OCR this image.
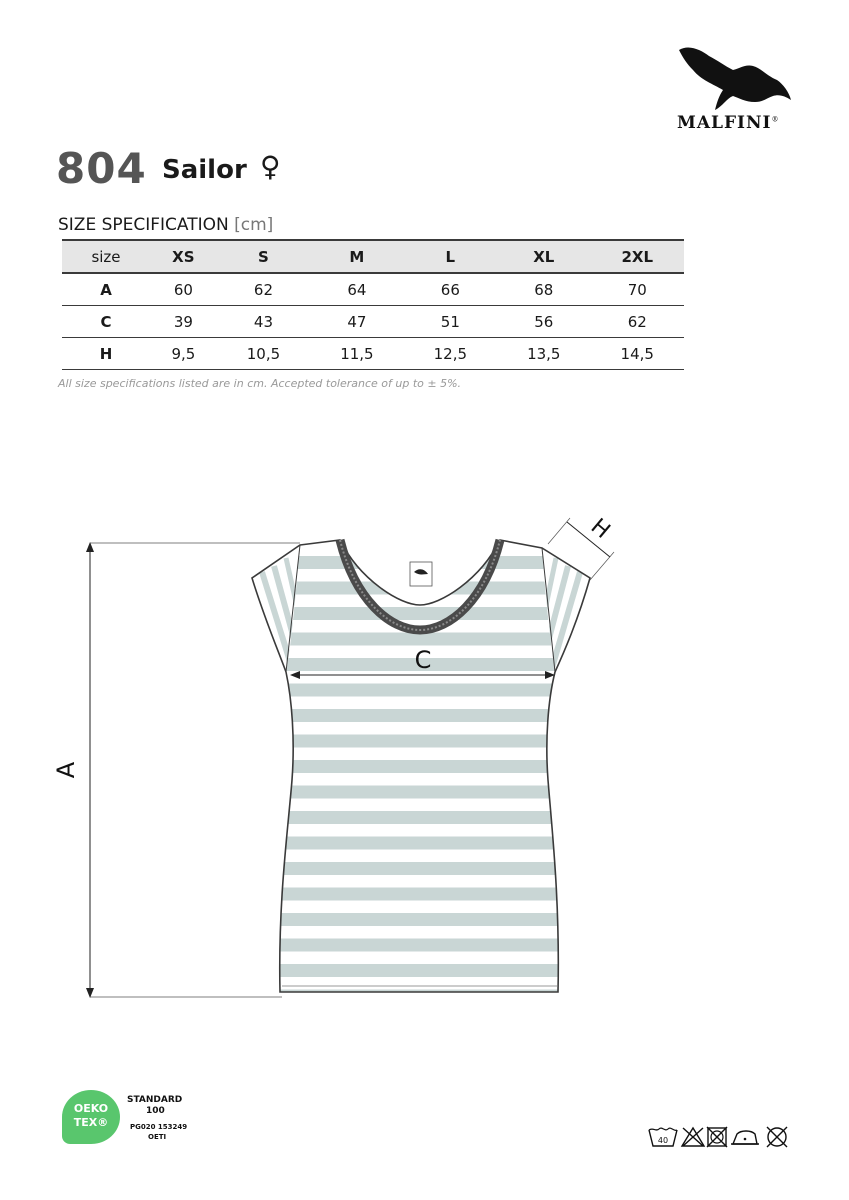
MALFINI®
804 Sailor ♀
SIZE SPECIFICATION [cm]
size	XS	S	M	L	XL	2XL
A	60	62	64	66	68	70
C	39	43	47	51	56	62
H	9,5	10,5	11,5	12,5	13,5	14,5
All size specifications listed are in cm. Accepted tolerance of up to ± 5%.
A
C
H
OEKO
TEX®
STANDARD
100
PG020 153249
OETI	40
